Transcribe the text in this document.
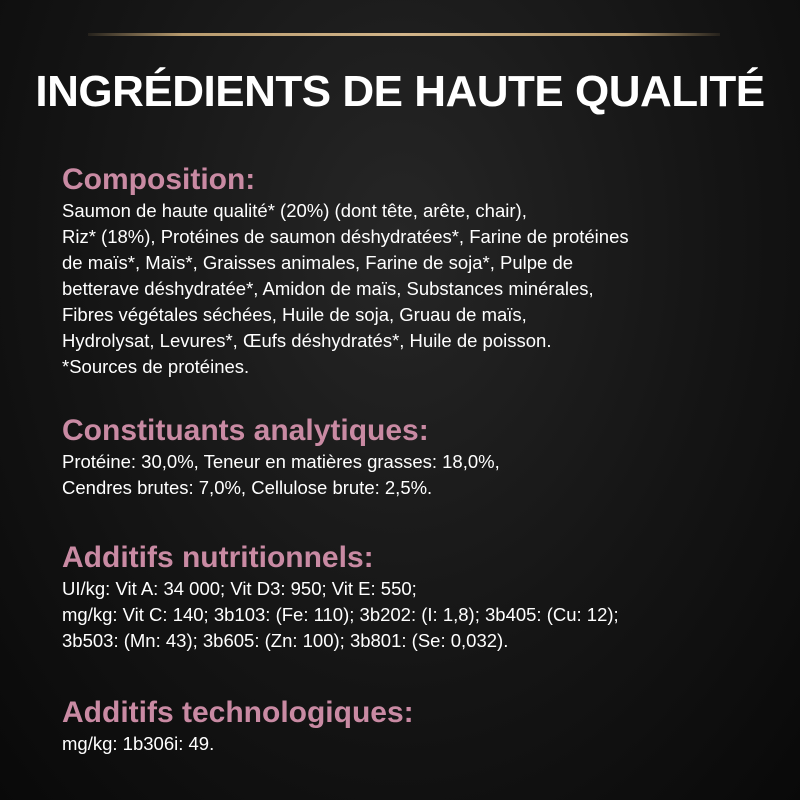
INGRÉDIENTS DE HAUTE QUALITÉ
Composition:
Saumon de haute qualité* (20%) (dont tête, arête, chair),
Riz* (18%), Protéines de saumon déshydratées*, Farine de protéines
de maïs*, Maïs*, Graisses animales, Farine de soja*, Pulpe de
betterave déshydratée*, Amidon de maïs, Substances minérales,
Fibres végétales séchées, Huile de soja, Gruau de maïs,
Hydrolysat, Levures*, Œufs déshydratés*, Huile de poisson.
*Sources de protéines.
Constituants analytiques:
Protéine: 30,0%, Teneur en matières grasses: 18,0%,
Cendres brutes: 7,0%, Cellulose brute: 2,5%.
Additifs nutritionnels:
UI/kg: Vit A: 34 000; Vit D3: 950; Vit E: 550;
mg/kg: Vit C: 140; 3b103: (Fe: 110); 3b202: (I: 1,8); 3b405: (Cu: 12);
3b503: (Mn: 43); 3b605: (Zn: 100); 3b801: (Se: 0,032).
Additifs technologiques:
mg/kg: 1b306i: 49.
